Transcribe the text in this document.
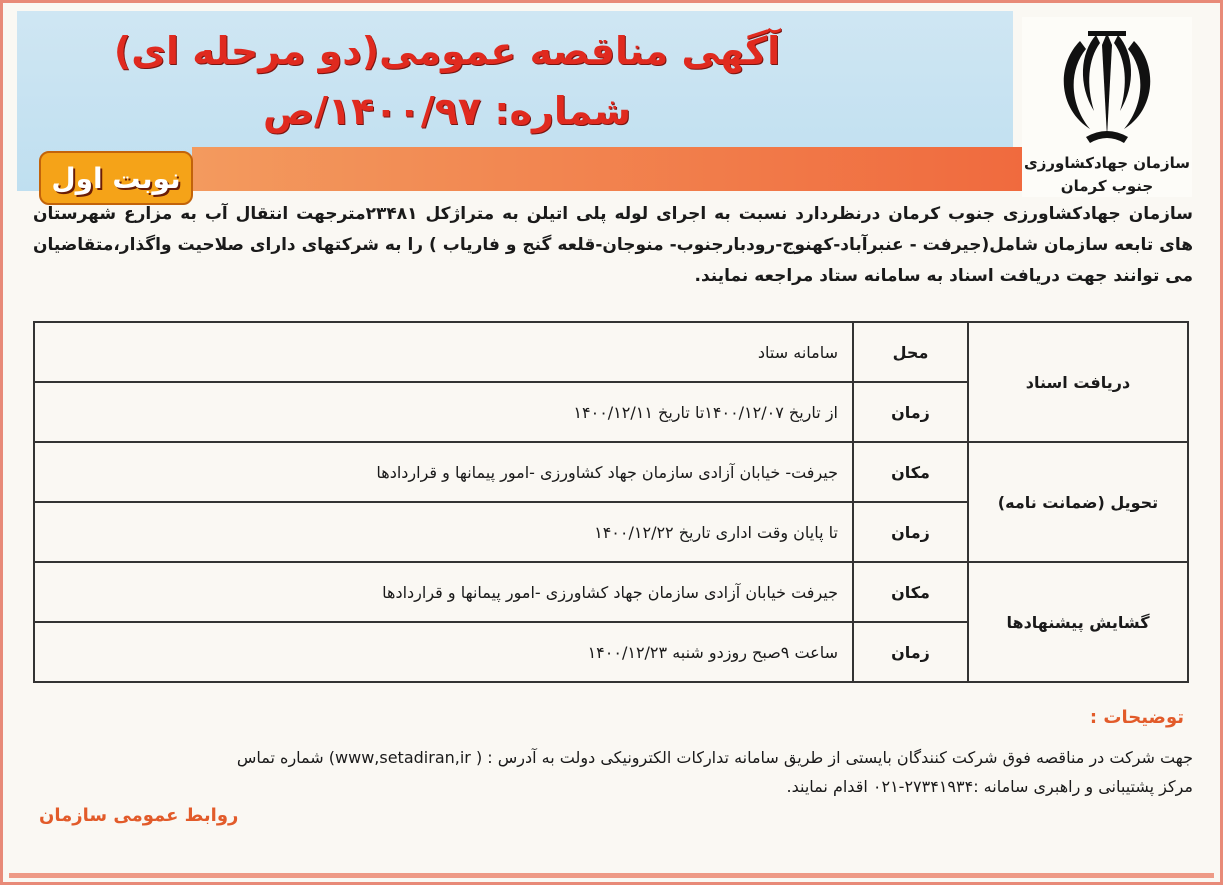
آگهی مناقصه عمومی(دو مرحله ای)
شماره: ۱۴۰۰/۹۷/ص
نوبت اول	سازمان جهادکشاورزی
جنوب کرمان
سازمان جهادکشاورزی جنوب کرمان درنظردارد نسبت به اجرای لوله پلی اتیلن به متراژکل ۲۳۴۸۱مترجهت انتقال آب به مزارع شهرستان های تابعه سازمان شامل(جیرفت - عنبرآباد-کهنوج-رودبارجنوب- منوجان-قلعه گنج و فاریاب ) را به شرکتهای دارای صلاحیت واگذار،متقاضیان می توانند جهت دریافت اسناد به سامانه ستاد مراجعه نمایند.
دریافت اسناد	محل	سامانه ستاد
	زمان	از تاریخ ۱۴۰۰/۱۲/۰۷تا تاریخ ۱۴۰۰/۱۲/۱۱
تحویل (ضمانت نامه)	مکان	جیرفت- خیابان آزادی سازمان جهاد کشاورزی -امور پیمانها و قراردادها
	زمان	تا پایان وقت اداری تاریخ ۱۴۰۰/۱۲/۲۲
گشایش پیشنهادها	مکان	جیرفت خیابان آزادی سازمان جهاد کشاورزی -امور پیمانها و قراردادها
	زمان	ساعت ۹صبح روزدو شنبه ۱۴۰۰/۱۲/۲۳
توضیحات :
جهت شرکت در مناقصه فوق شرکت کنندگان بایستی از طریق سامانه تدارکات الکترونیکی دولت به آدرس : ( www,setadiran,ir) شماره تماس
مرکز پشتیبانی و راهبری سامانه :۲۷۳۴۱۹۳۴-۰۲۱ اقدام نمایند.
روابط عمومی سازمان
